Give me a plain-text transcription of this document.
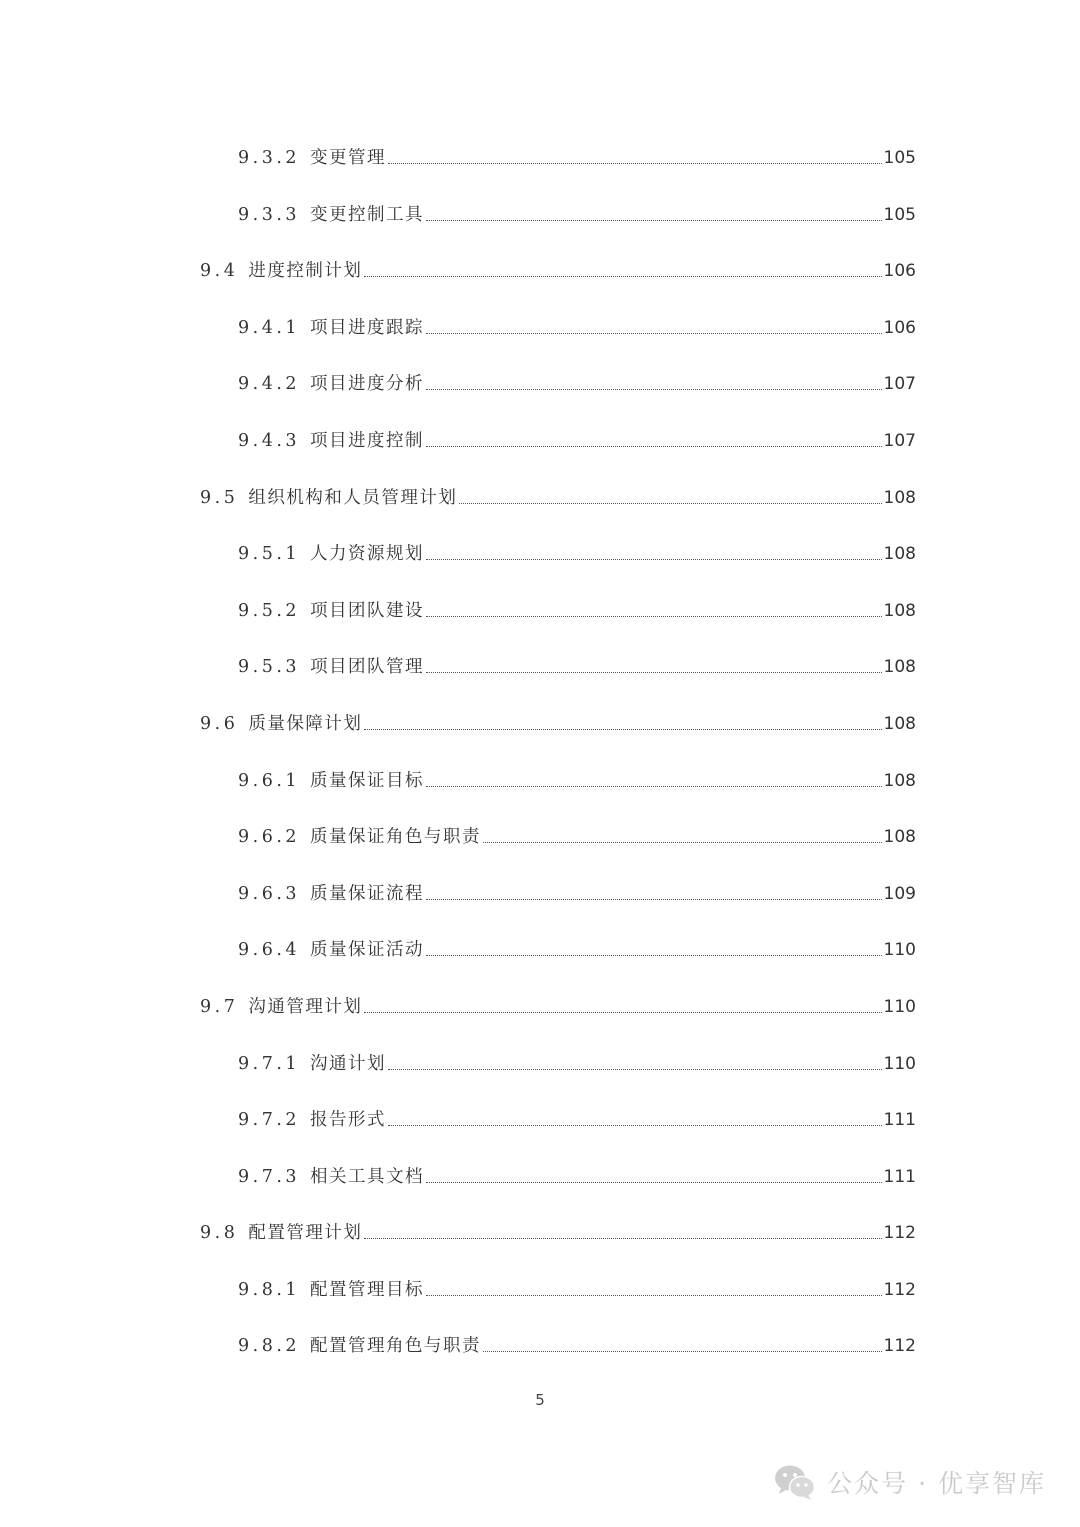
9.3.2 变更管理	105
9.3.3 变更控制工具	105
9.4 进度控制计划	106
9.4.1 项目进度跟踪	106
9.4.2 项目进度分析	107
9.4.3 项目进度控制	107
9.5 组织机构和人员管理计划	108
9.5.1 人力资源规划	108
9.5.2 项目团队建设	108
9.5.3 项目团队管理	108
9.6 质量保障计划	108
9.6.1 质量保证目标	108
9.6.2 质量保证角色与职责	108
9.6.3 质量保证流程	109
9.6.4 质量保证活动	110
9.7 沟通管理计划	110
9.7.1 沟通计划	110
9.7.2 报告形式	111
9.7.3 相关工具文档	111
9.8 配置管理计划	112
9.8.1 配置管理目标	112
9.8.2 配置管理角色与职责	112
5
公众号 · 优享智库
